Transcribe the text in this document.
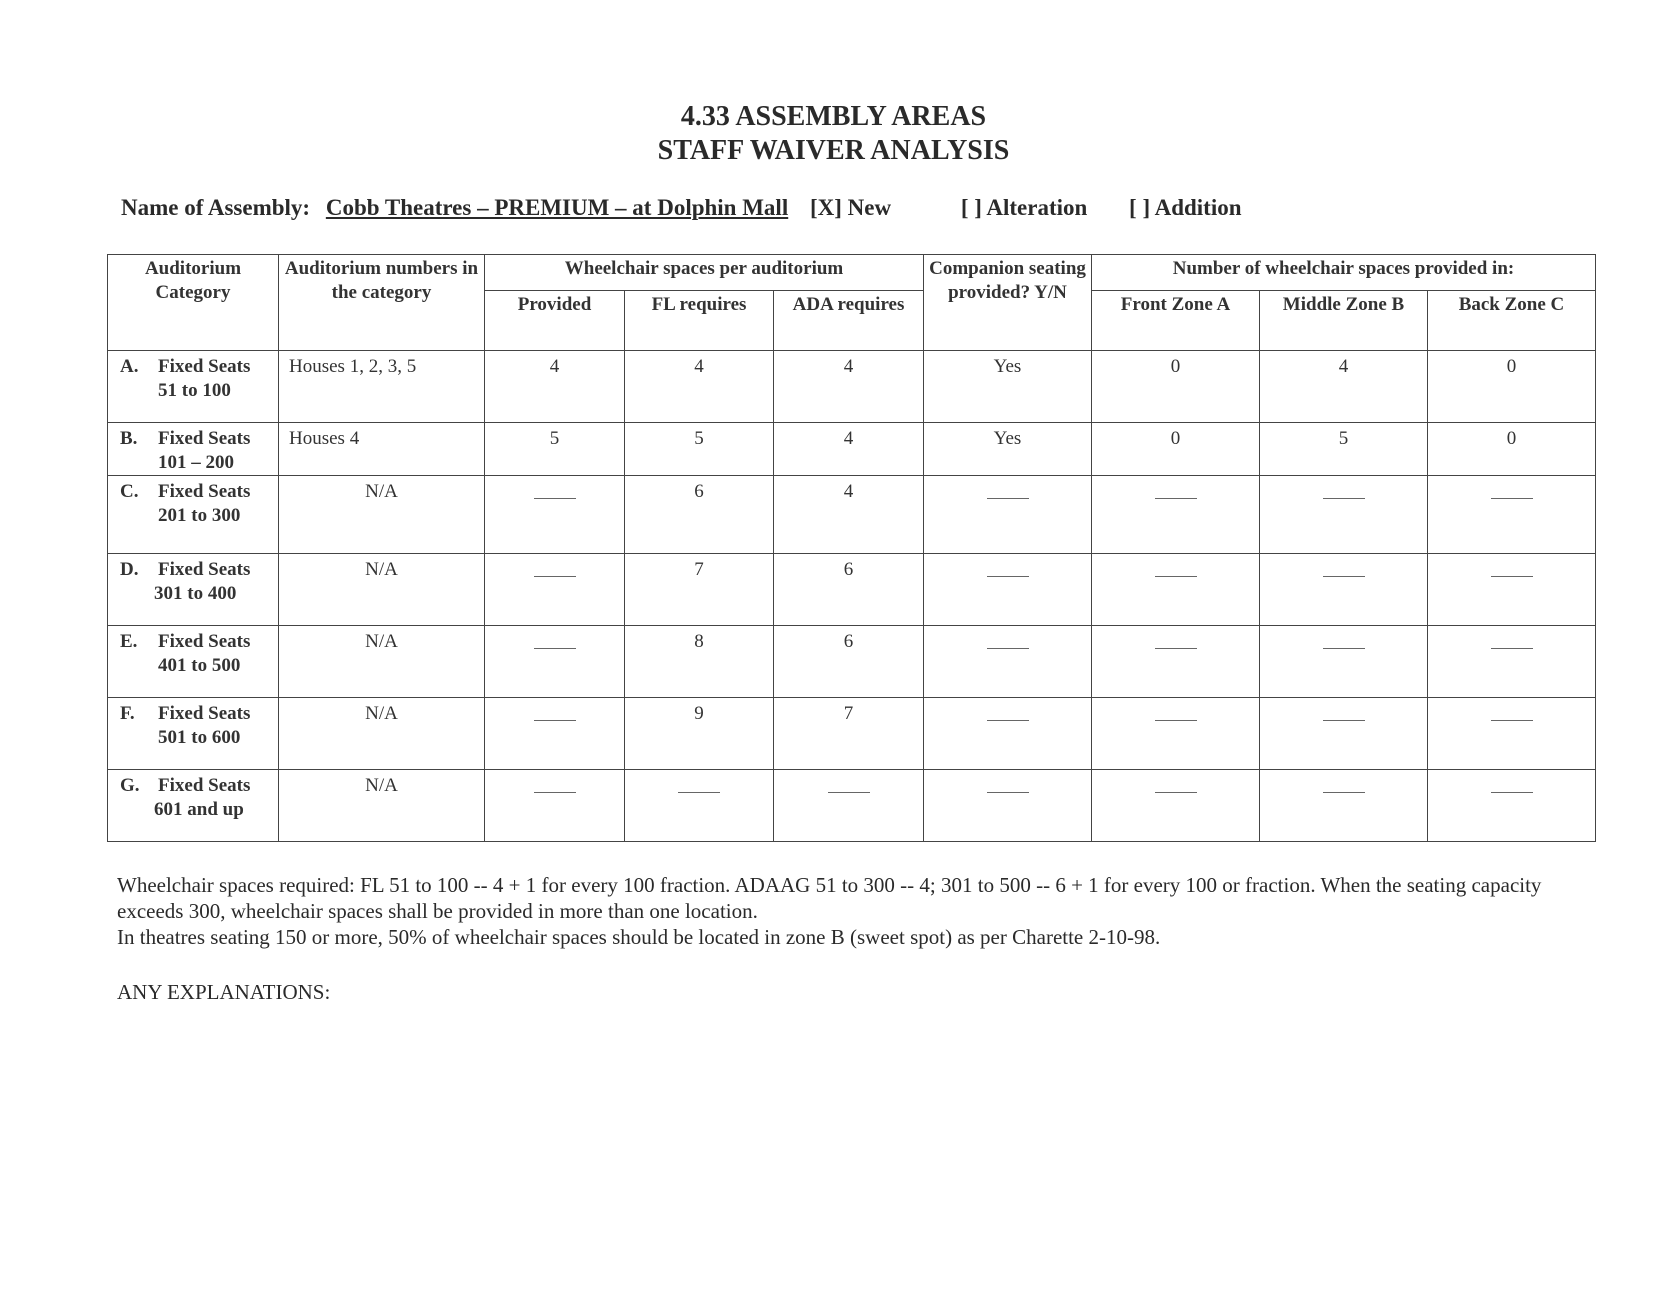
4.33 ASSEMBLY AREAS
STAFF WAIVER ANALYSIS
Name of Assembly: Cobb Theatres – PREMIUM – at Dolphin Mall [X] New	[ ] Alteration [ ] Addition
Auditorium Category	Auditorium numbers in the category	Wheelchair spaces per auditorium			Companion seating provided? Y/N	Number of wheelchair spaces provided in:		
		Provided	FL requires	ADA requires		Front Zone A	Middle Zone B	Back Zone C
A. Fixed Seats
51 to 100	Houses 1, 2, 3, 5	4	4	4	Yes	0	4	0
B. Fixed Seats
101 – 200	Houses 4	5	5	4	Yes	0	5	0
C. Fixed Seats
201 to 300	N/A		6	4				
D. Fixed Seats
301 to 400	N/A		7	6				
E. Fixed Seats
401 to 500	N/A		8	6				
F. Fixed Seats
501 to 600	N/A		9	7				
G. Fixed Seats
601 and up	N/A							

Wheelchair spaces required: FL 51 to 100 -- 4 + 1 for every 100 fraction. ADAAG 51 to 300 -- 4; 301 to 500 -- 6 + 1 for every 100 or fraction. When the seating capacity exceeds 300, wheelchair spaces shall be provided in more than one location.

In theatres seating 150 or more, 50% of wheelchair spaces should be located in zone B (sweet spot) as per Charette 2-10-98.

ANY EXPLANATIONS:
